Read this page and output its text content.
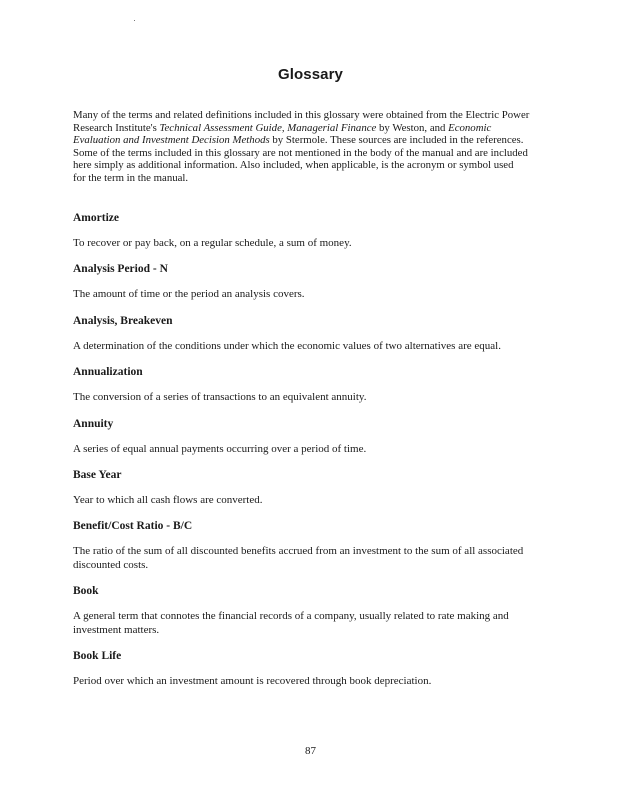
Glossary
Many of the terms and related definitions included in this glossary were obtained from the Electric Power
Research Institute's Technical Assessment Guide, Managerial Finance by Weston, and Economic
Evaluation and Investment Decision Methods by Stermole. These sources are included in the references.
Some of the terms included in this glossary are not mentioned in the body of the manual and are included
here simply as additional information. Also included, when applicable, is the acronym or symbol used
for the term in the manual.
Amortize
To recover or pay back, on a regular schedule, a sum of money.
Analysis Period - N
The amount of time or the period an analysis covers.
Analysis, Breakeven
A determination of the conditions under which the economic values of two alternatives are equal.
Annualization
The conversion of a series of transactions to an equivalent annuity.
Annuity
A series of equal annual payments occurring over a period of time.
Base Year
Year to which all cash flows are converted.
Benefit/Cost Ratio - B/C
The ratio of the sum of all discounted benefits accrued from an investment to the sum of all associated
discounted costs.
Book
A general term that connotes the financial records of a company, usually related to rate making and
investment matters.
Book Life
Period over which an investment amount is recovered through book depreciation.
87
